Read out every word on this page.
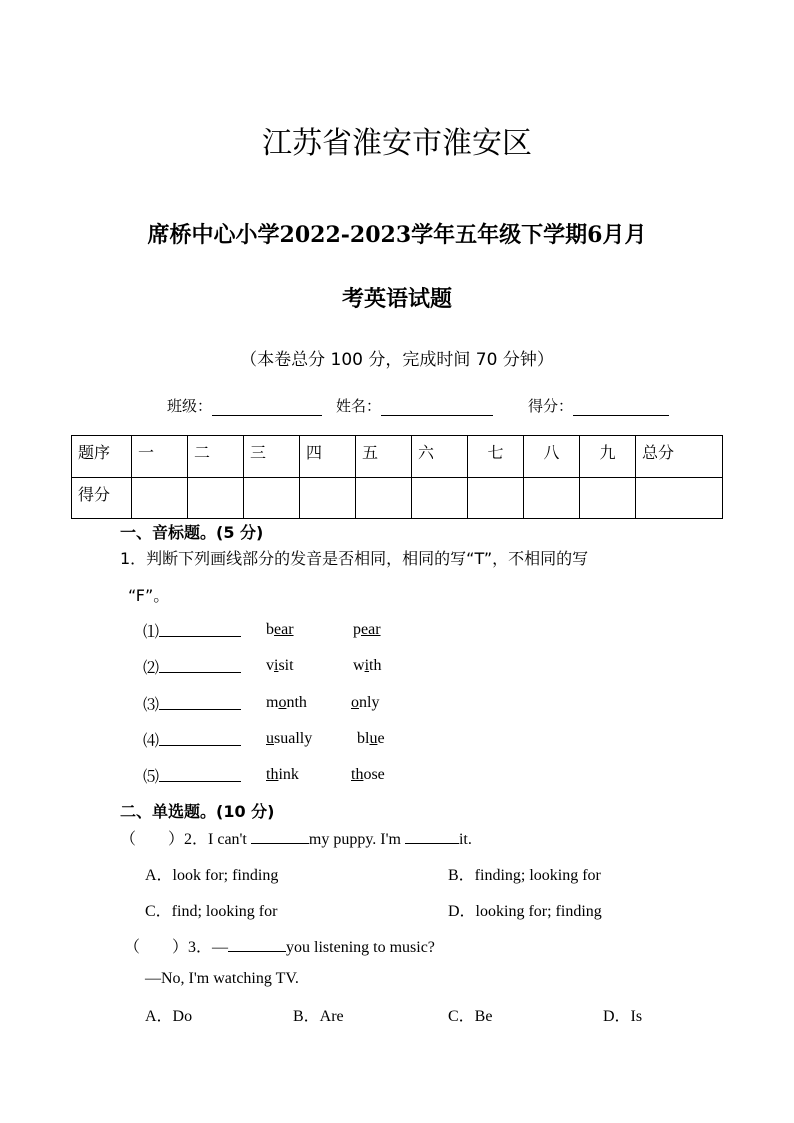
江苏省淮安市淮安区
席桥中心小学2022-2023学年五年级下学期6月月
考英语试题
（本卷总分 100 分，完成时间 70 分钟）
班级：	姓名：	得分：
题序	一	二	三	四	五	六	七	八	九	总分
得分										
一、音标题。(5 分)
1．判断下列画线部分的发音是否相同，相同的写“T”，不相同的写
“F”。
⑴	bear	pear
⑵	visit	with
⑶	month	only
⑷	usually	blue
⑸	think	those
二、单选题。(10 分)
（　　）2．I can't	my puppy. I'm	it.
A．look for; finding	B．finding; looking for
C．find; looking for	D．looking for; finding
（　　）3．—	you listening to music?
—No, I'm watching TV.
A．Do	B．Are	C．Be	D．Is
